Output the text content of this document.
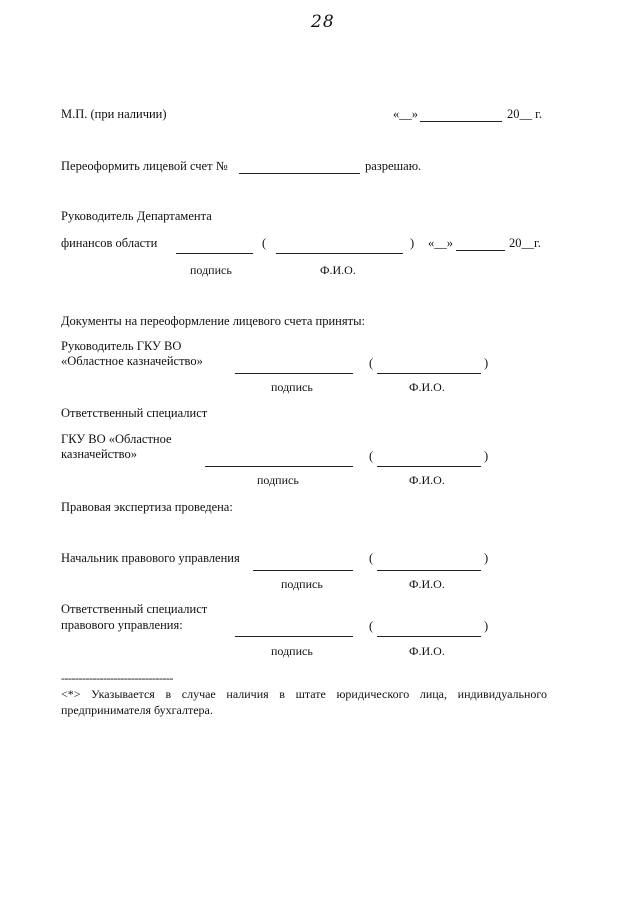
28
М.П. (при наличии)	«__»	20__ г.
Переоформить лицевой счет №	разрешаю.
Руководитель Департамента
финансов области	(	) «__»	20__г.
подпись	Ф.И.О.
Документы на переоформление лицевого счета приняты:
Руководитель ГКУ ВО
«Областное казначейство»	(	)
подпись	Ф.И.О.
Ответственный специалист
ГКУ ВО «Областное
казначейство»	(	)
подпись	Ф.И.О.
Правовая экспертиза проведена:
Начальник правового управления	(	)
подпись	Ф.И.О.
Ответственный специалист
правового управления:	(	)
подпись	Ф.И.О.
--------------------------------
<*> Указывается в случае наличия в штате юридического лица, индивидуального
предпринимателя бухгалтера.
